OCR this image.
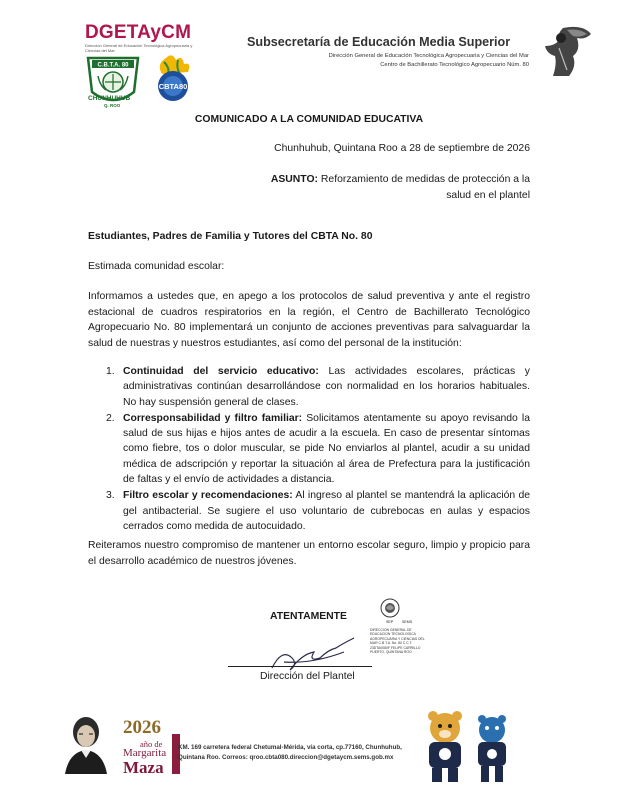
DGETAyCM
Dirección General de Educación Tecnológica Agropecuaria y Ciencias del Mar
C.B.T.A. 80
CHUNHUHUB
Q. ROO
CBTA80
Subsecretaría de Educación Media Superior
Dirección General de Educación Tecnológica Agropecuaria y Ciencias del Mar
Centro de Bachillerato Tecnológico Agropecuario Núm. 80
COMUNICADO A LA COMUNIDAD EDUCATIVA
Chunhuhub, Quintana Roo a 28 de septiembre de 2026
ASUNTO: Reforzamiento de medidas de protección a la salud en el plantel
Estudiantes, Padres de Familia y Tutores del CBTA No. 80
Estimada comunidad escolar:
Informamos a ustedes que, en apego a los protocolos de salud preventiva y ante el registro estacional de cuadros respiratorios en la región, el Centro de Bachillerato Tecnológico Agropecuario No. 80 implementará un conjunto de acciones preventivas para salvaguardar la salud de nuestras y nuestros estudiantes, así como del personal de la institución:
1. Continuidad del servicio educativo: Las actividades escolares, prácticas y administrativas continúan desarrollándose con normalidad en los horarios habituales. No hay suspensión general de clases.
2. Corresponsabilidad y filtro familiar: Solicitamos atentamente su apoyo revisando la salud de sus hijas e hijos antes de acudir a la escuela. En caso de presentar síntomas como fiebre, tos o dolor muscular, se pide No enviarlos al plantel, acudir a su unidad médica de adscripción y reportar la situación al área de Prefectura para la justificación de faltas y el envío de actividades a distancia.
3. Filtro escolar y recomendaciones: Al ingreso al plantel se mantendrá la aplicación de gel antibacterial. Se sugiere el uso voluntario de cubrebocas en aulas y espacios cerrados como medida de autocuidado.
Reiteramos nuestro compromiso de mantener un entorno escolar seguro, limpio y propicio para el desarrollo académico de nuestros jóvenes.
ATENTAMENTE
Dirección del Plantel
SEP SEMS
DIRECCION GENERAL DE EDUCACION TECNOLOGICA AGROPECUARIA Y CIENCIAS DEL MAR C.B.T.A. No. 80 C.C.T. 23DTA0080F FELIPE CARRILLO PUERTO, QUINTANA ROO
2026
año de
Margarita
Maza
KM. 169 carretera federal Chetumal-Mérida, vía corta, cp.77160, Chunhuhub,
Quintana Roo. Correos: qroo.cbta080.direccion@dgetaycm.sems.gob.mx
